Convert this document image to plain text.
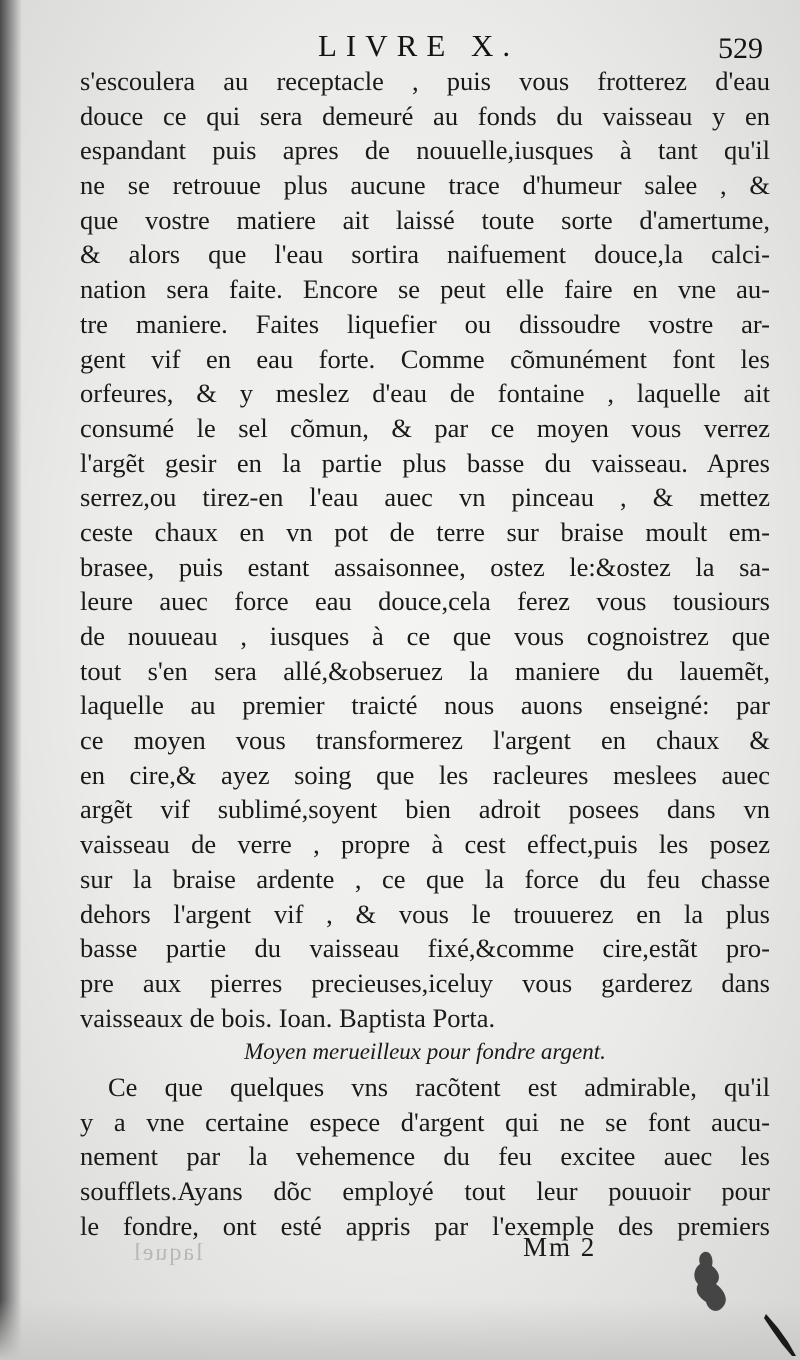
LIVRE X.	529
s'escoulera au receptacle , puis vous frotterez d'eau
douce ce qui sera demeuré au fonds du vaisseau y en
espandant puis apres de nouuelle,iusques à tant qu'il
ne se retrouue plus aucune trace d'humeur salee , &
que vostre matiere ait laissé toute sorte d'amertume,
& alors que l'eau sortira naifuement douce,la calci-
nation sera faite. Encore se peut elle faire en vne au-
tre maniere. Faites liquefier ou dissoudre vostre ar-
gent vif en eau forte. Comme cõmunément font les
orfeures, & y meslez d'eau de fontaine , laquelle ait
consumé le sel cõmun, & par ce moyen vous verrez
l'argẽt gesir en la partie plus basse du vaisseau. Apres
serrez,ou tirez-en l'eau auec vn pinceau , & mettez
ceste chaux en vn pot de terre sur braise moult em-
brasee, puis estant assaisonnee, ostez le:&ostez la sa-
leure auec force eau douce,cela ferez vous tousiours
de nouueau , iusques à ce que vous cognoistrez que
tout s'en sera allé,&obseruez la maniere du lauemẽt,
laquelle au premier traicté nous auons enseigné: par
ce moyen vous transformerez l'argent en chaux &
en cire,& ayez soing que les racleures meslees auec
argẽt vif sublimé,soyent bien adroit posees dans vn
vaisseau de verre , propre à cest effect,puis les posez
sur la braise ardente , ce que la force du feu chasse
dehors l'argent vif , & vous le trouuerez en la plus
basse partie du vaisseau fixé,&comme cire,estãt pro-
pre aux pierres precieuses,iceluy vous garderez dans
vaisseaux de bois. Ioan. Baptista Porta.
Moyen merueilleux pour fondre argent.
Ce que quelques vns racõtent est admirable, qu'il
y a vne certaine espece d'argent qui ne se font aucu-
nement par la vehemence du feu excitee auec les
soufflets.Ayans dõc employé tout leur pouuoir pour
le fondre, ont esté appris par l'exemple des premiers
laquel	Mm 2
